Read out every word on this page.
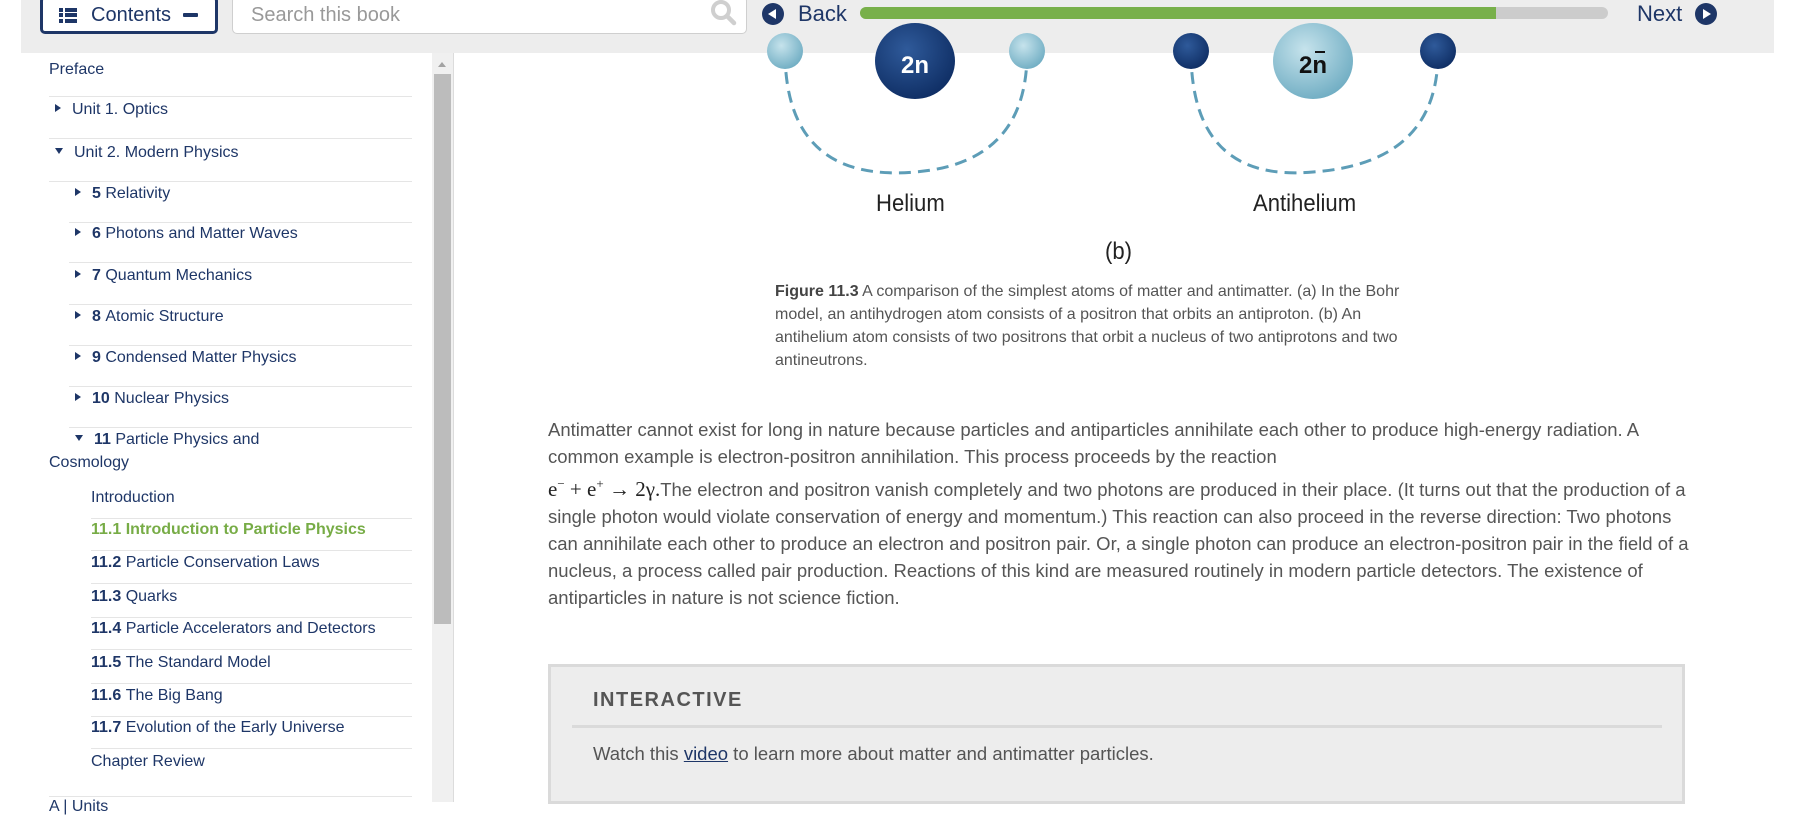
Contents
Search this book	Back	Next
Preface
Unit 1. Optics
Unit 2. Modern Physics
5 Relativity
6 Photons and Matter Waves
7 Quantum Mechanics
8 Atomic Structure
9 Condensed Matter Physics
10 Nuclear Physics
11 Particle Physics and
Cosmology
Introduction
11.1 Introduction to Particle Physics
11.2 Particle Conservation Laws
11.3 Quarks
11.4 Particle Accelerators and Detectors
11.5 The Standard Model
11.6 The Big Bang
11.7 Evolution of the Early Universe
Chapter Review
A | Units
2n	2n
Helium	Antihelium
(b)
Figure 11.3 A comparison of the simplest atoms of matter and antimatter. (a) In the Bohr model, an antihydrogen atom consists of a positron that orbits an antiproton. (b) An antihelium atom consists of two positrons that orbit a nucleus of two antiprotons and two antineutrons.
Antimatter cannot exist for long in nature because particles and antiparticles annihilate each other to produce high-energy radiation. A common example is electron-positron annihilation. This process proceeds by the reaction
e− + e+ → 2γ.The electron and positron vanish completely and two photons are produced in their place. (It turns out that the production of a single photon would violate conservation of energy and momentum.) This reaction can also proceed in the reverse direction: Two photons can annihilate each other to produce an electron and positron pair. Or, a single photon can produce an electron-positron pair in the field of a nucleus, a process called pair production. Reactions of this kind are measured routinely in modern particle detectors. The existence of antiparticles in nature is not science fiction.
INTERACTIVE
Watch this video to learn more about matter and antimatter particles.
